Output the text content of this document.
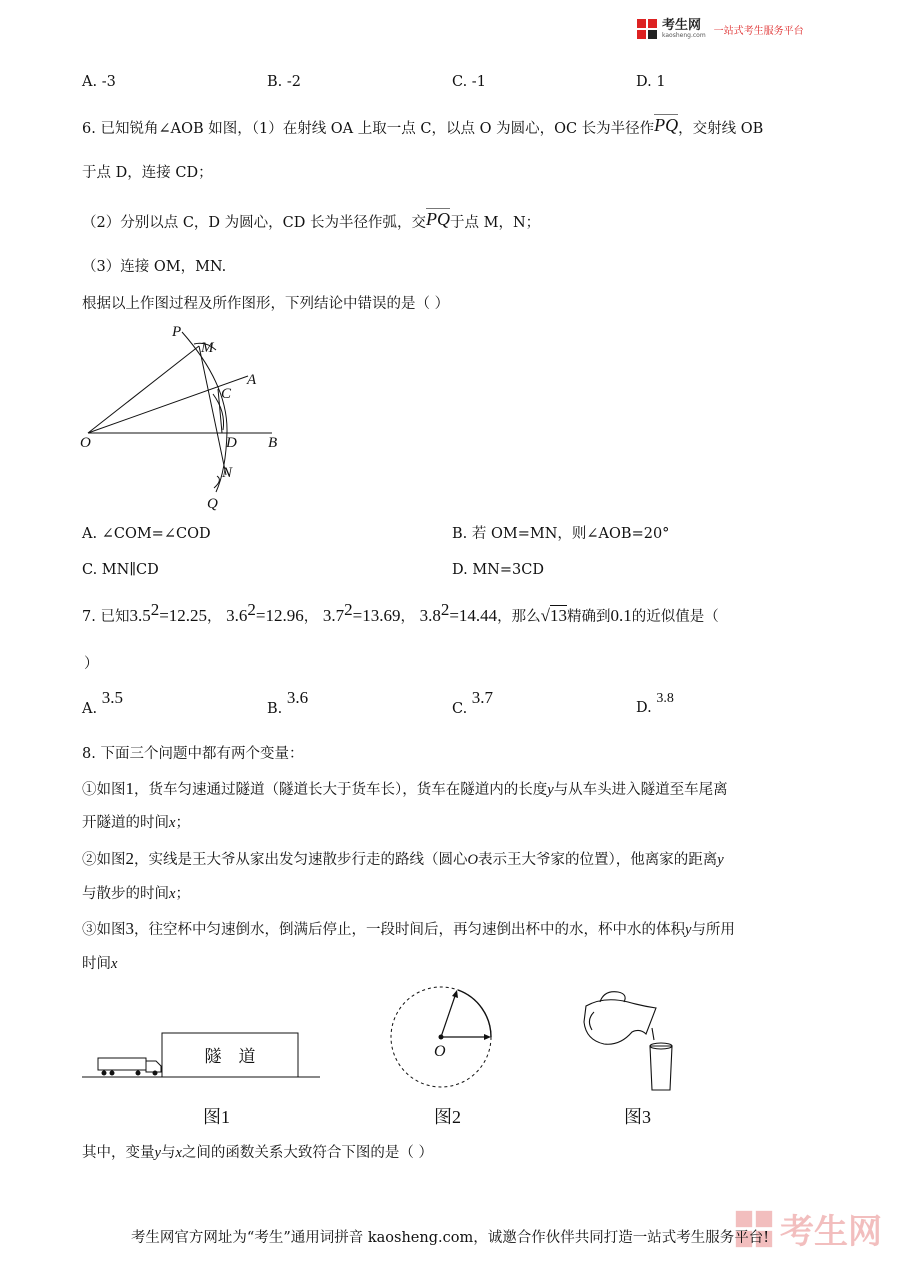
考生网
kaosheng.com 一站式考生服务平台
A. -3	B. -2	C. -1	D. 1
6. 已知锐角∠AOB 如图，（1）在射线 OA 上取一点 C，以点 O 为圆心，OC 长为半径作PQ，交射线 OB
于点 D，连接 CD；
（2）分别以点 C，D 为圆心，CD 长为半径作弧，交PQ于点 M，N；
（3）连接 OM，MN.
根据以上作图过程及所作图形，下列结论中错误的是（ ）
P
M
A
C
O	D B
N
Q
A. ∠COM=∠COD	B. 若 OM=MN，则∠AOB=20°
C. MN∥CD	D. MN=3CD
7. 已知$3.5^2=12.25$， $3.6^2=12.96$， $3.7^2=13.69$， $3.8^2=14.44$，那么√13精确到0.1的近似值是（
）
A. 3.5
B. 3.6
C. 3.7
D. 3.8
8. 下面三个问题中都有两个变量：
①如图1，货车匀速通过隧道（隧道长大于货车长），货车在隧道内的长度y与从车头进入隧道至车尾离
开隧道的时间x；
②如图2，实线是王大爷从家出发匀速散步行走的路线（圆心O表示王大爷家的位置），他离家的距离y
与散步的时间x；
③如图3，往空杯中匀速倒水，倒满后停止，一段时间后，再匀速倒出杯中的水，杯中水的体积y与所用
时间x
隧　道	O
图1	图2	图3
其中，变量y与x之间的函数关系大致符合下图的是（ ）
考生网
考生网官方网址为“考生”通用词拼音 kaosheng.com，诚邀合作伙伴共同打造一站式考生服务平台!
